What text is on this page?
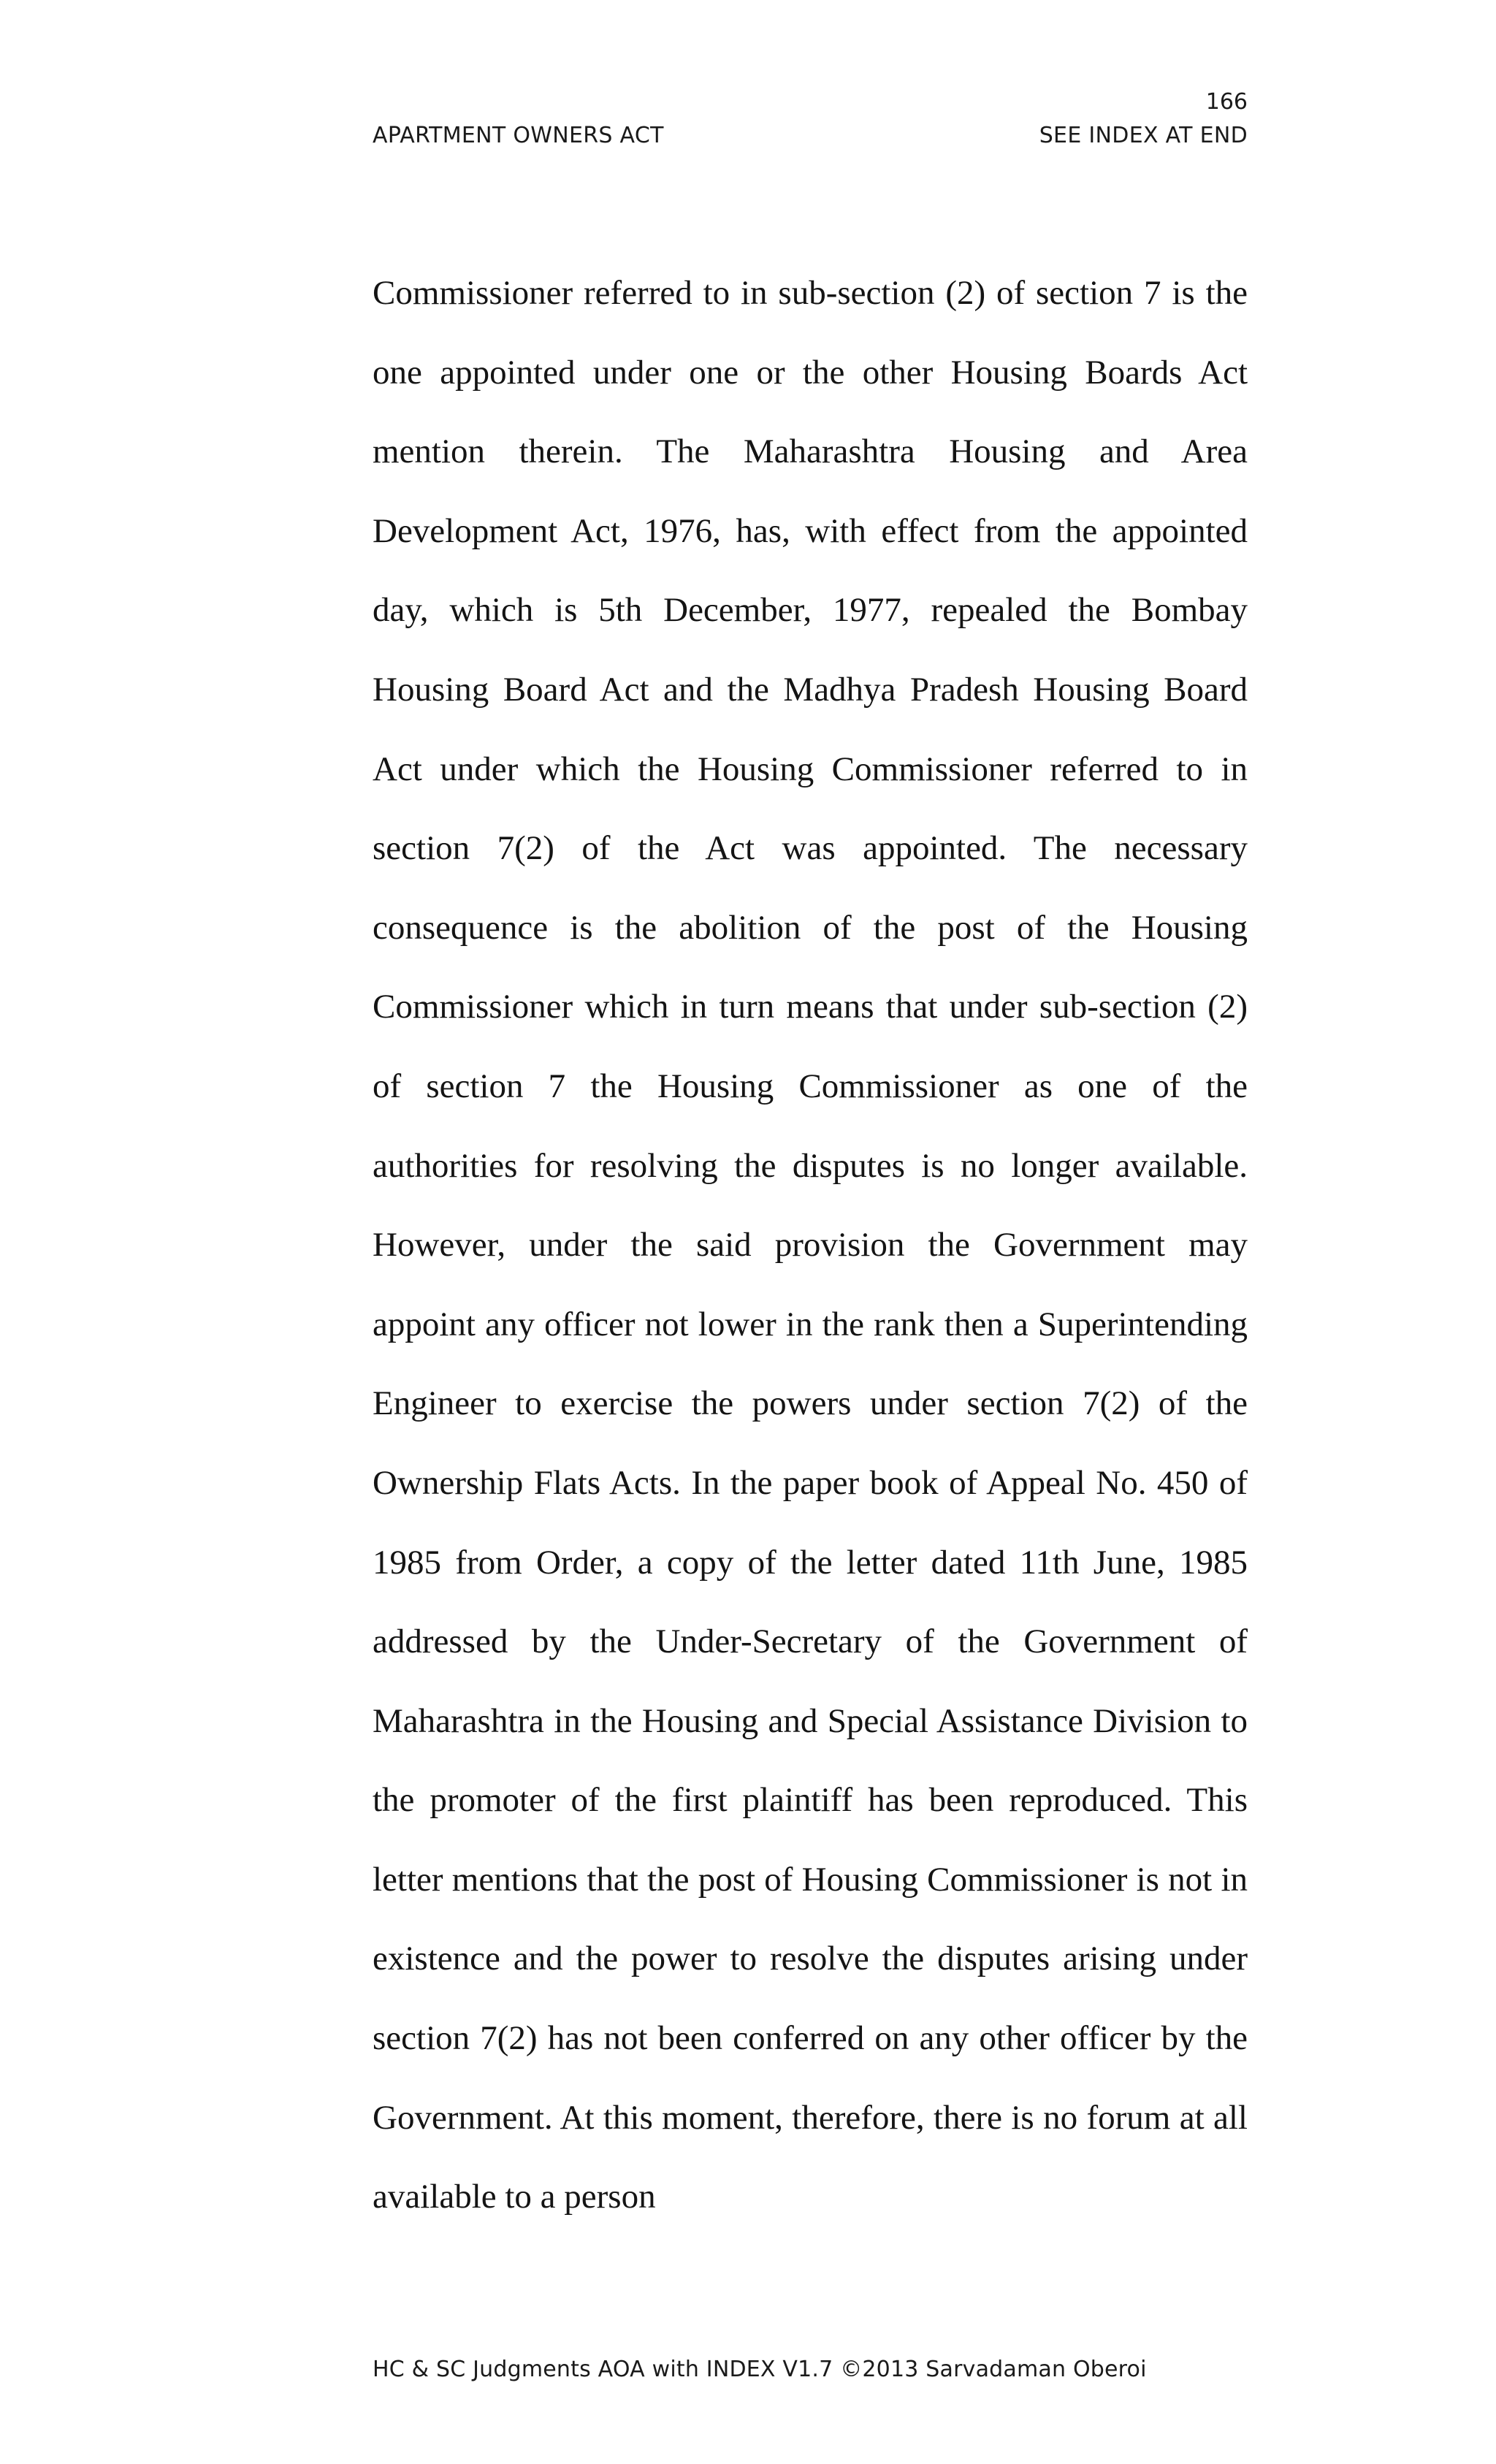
166
APARTMENT OWNERS ACT	SEE INDEX AT END
Commissioner referred to in sub-section (2) of section 7 is the one appointed under one or the other Housing Boards Act mention therein. The Maharashtra Housing and Area Development Act, 1976, has, with effect from the appointed day, which is 5th December, 1977, repealed the Bombay Housing Board Act and the Madhya Pradesh Housing Board Act under which the Housing Commissioner referred to in section 7(2) of the Act was appointed. The necessary consequence is the abolition of the post of the Housing Commissioner which in turn means that under sub-section (2) of section 7 the Housing Commissioner as one of the authorities for resolving the disputes is no longer available. However, under the said provision the Government may appoint any officer not lower in the rank then a Superintending Engineer to exercise the powers under section 7(2) of the Ownership Flats Acts. In the paper book of Appeal No. 450 of 1985 from Order, a copy of the letter dated 11th June, 1985 addressed by the Under-Secretary of the Government of Maharashtra in the Housing and Special Assistance Division to the promoter of the first plaintiff has been reproduced. This letter mentions that the post of Housing Commissioner is not in existence and the power to resolve the disputes arising under section 7(2) has not been conferred on any other officer by the Government. At this moment, therefore, there is no forum at all available to a person
HC & SC Judgments AOA with INDEX V1.7 ©2013 Sarvadaman Oberoi
